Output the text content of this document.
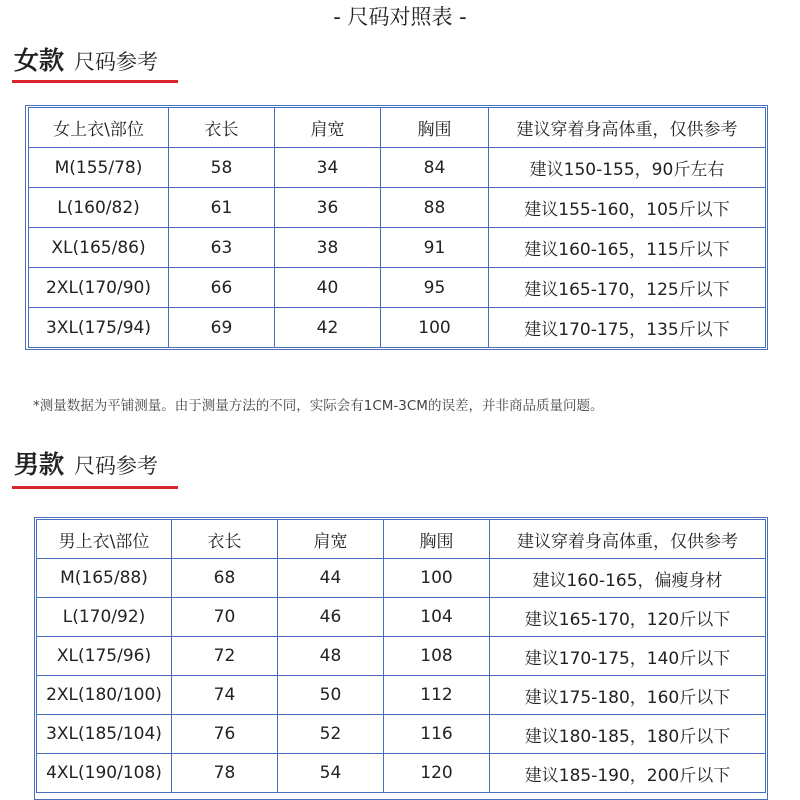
- 尺码对照表 -
女款 尺码参考
女上衣\部位	衣长	肩宽	胸围	建议穿着身高体重，仅供参考
M(155/78)	58	34	84	建议150-155，90斤左右
L(160/82)	61	36	88	建议155-160，105斤以下
XL(165/86)	63	38	91	建议160-165，115斤以下
2XL(170/90)	66	40	95	建议165-170，125斤以下
3XL(175/94)	69	42	100	建议170-175，135斤以下
*测量数据为平铺测量。由于测量方法的不同，实际会有1CM-3CM的误差，并非商品质量问题。
男款 尺码参考
男上衣\部位	衣长	肩宽	胸围	建议穿着身高体重，仅供参考
M(165/88)	68	44	100	建议160-165，偏瘦身材
L(170/92)	70	46	104	建议165-170，120斤以下
XL(175/96)	72	48	108	建议170-175，140斤以下
2XL(180/100)	74	50	112	建议175-180，160斤以下
3XL(185/104)	76	52	116	建议180-185，180斤以下
4XL(190/108)	78	54	120	建议185-190，200斤以下
